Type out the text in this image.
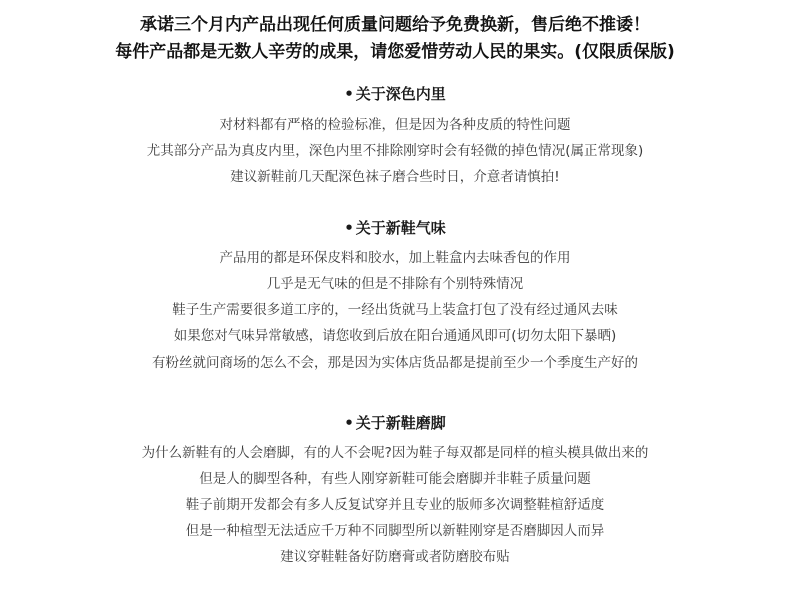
承诺三个月内产品出现任何质量问题给予免费换新，售后绝不推诿！
每件产品都是无数人辛劳的成果，请您爱惜劳动人民的果实。(仅限质保版)
• 关于深色内里
对材料都有严格的检验标准，但是因为各种皮质的特性问题
尤其部分产品为真皮内里，深色内里不排除刚穿时会有轻微的掉色情况(属正常现象)
建议新鞋前几天配深色袜子磨合些时日，介意者请慎拍!
• 关于新鞋气味
产品用的都是环保皮料和胶水，加上鞋盒内去味香包的作用
几乎是无气味的但是不排除有个别特殊情况
鞋子生产需要很多道工序的，一经出货就马上装盒打包了没有经过通风去味
如果您对气味异常敏感，请您收到后放在阳台通通风即可(切勿太阳下暴晒)
有粉丝就问商场的怎么不会，那是因为实体店货品都是提前至少一个季度生产好的
• 关于新鞋磨脚
为什么新鞋有的人会磨脚，有的人不会呢?因为鞋子每双都是同样的楦头模具做出来的
但是人的脚型各种，有些人刚穿新鞋可能会磨脚并非鞋子质量问题
鞋子前期开发都会有多人反复试穿并且专业的版师多次调整鞋楦舒适度
但是一种楦型无法适应千万种不同脚型所以新鞋刚穿是否磨脚因人而异
建议穿鞋鞋备好防磨膏或者防磨胶布贴
